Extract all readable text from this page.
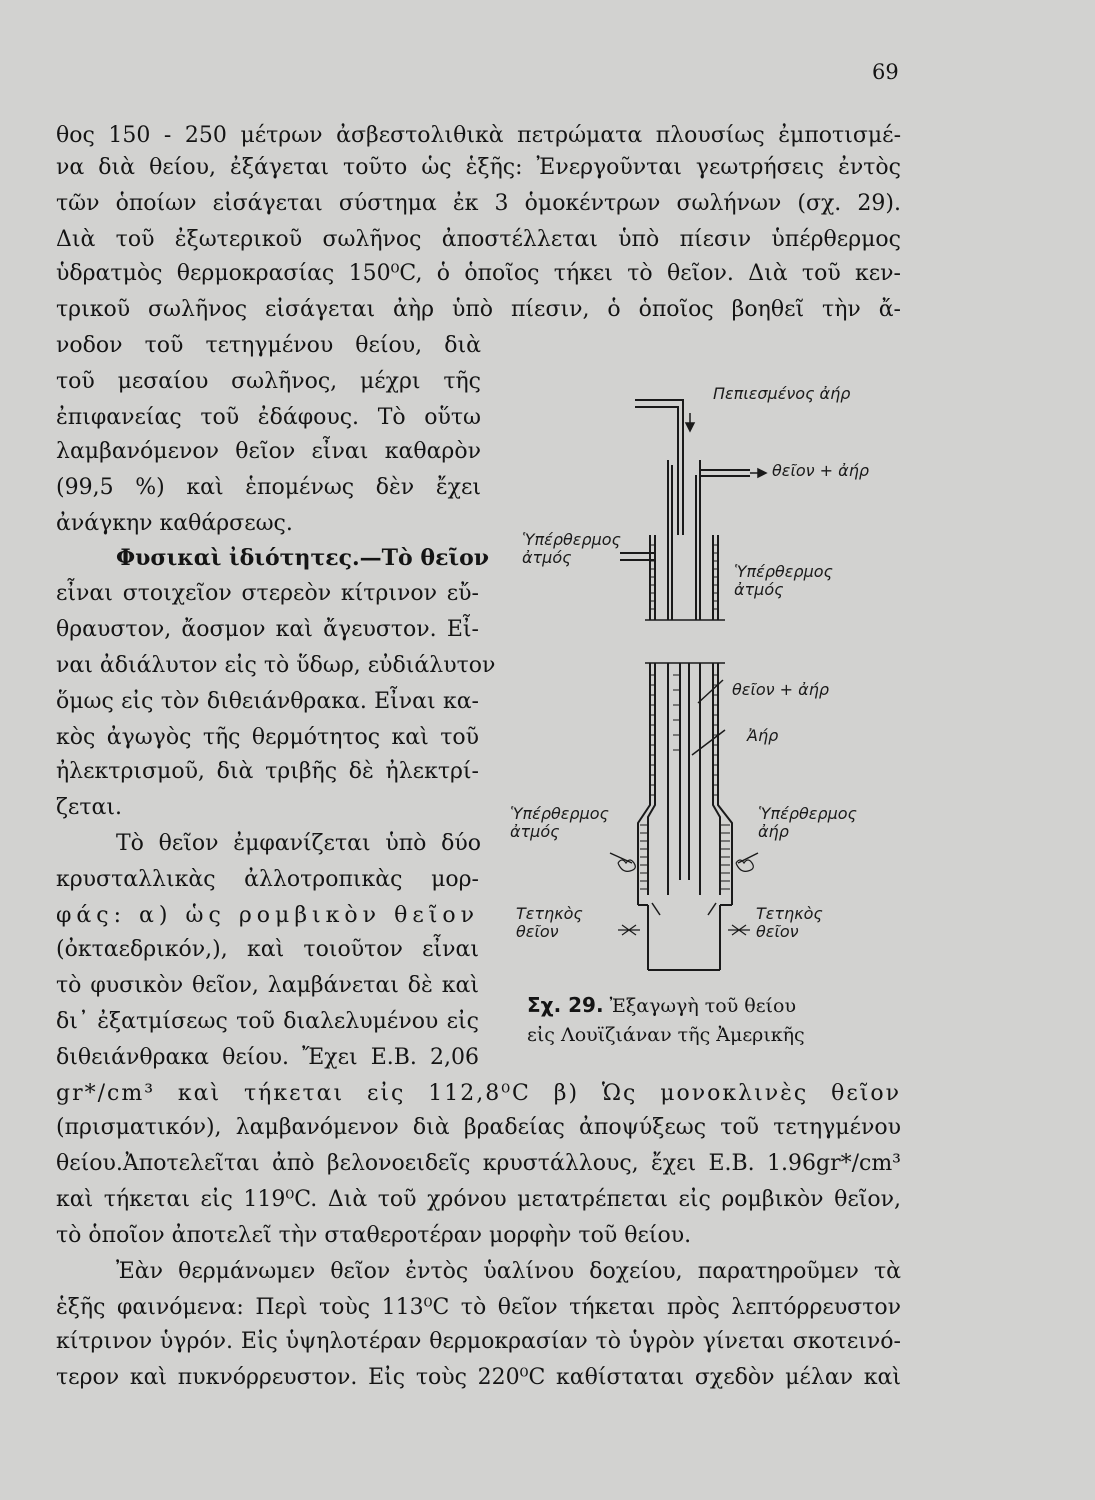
69
θος 150 - 250 μέτρων ἀσβεστολιθικὰ πετρώματα πλουσίως ἐμποτισμέ-
να διὰ θείου, ἐξάγεται τοῦτο ὡς ἑξῆς: Ἐνεργοῦνται γεωτρήσεις ἐντὸς
τῶν ὁποίων εἰσάγεται σύστημα ἐκ 3 ὁμοκέντρων σωλήνων (σχ. 29).
Διὰ τοῦ ἐξωτερικοῦ σωλῆνος ἀποστέλλεται ὑπὸ πίεσιν ὑπέρθερμος
ὑδρατμὸς θερμοκρασίας 150⁰C, ὁ ὁποῖος τήκει τὸ θεῖον. Διὰ τοῦ κεν-
τρικοῦ σωλῆνος εἰσάγεται ἀὴρ ὑπὸ πίεσιν, ὁ ὁποῖος βοηθεῖ τὴν ἄ-
νοδον τοῦ τετηγμένου θείου, διὰ
τοῦ μεσαίου σωλῆνος, μέχρι τῆς
ἐπιφανείας τοῦ ἐδάφους. Τὸ οὕτω
λαμβανόμενον θεῖον εἶναι καθαρὸν
(99,5 %) καὶ ἑπομένως δὲν ἔχει
ἀνάγκην καθάρσεως.
Φυσικαὶ ἰδιότητες.—Τὸ θεῖον
εἶναι στοιχεῖον στερεὸν κίτρινον εὔ-
θραυστον, ἄοσμον καὶ ἄγευστον. Εἶ-
ναι ἀδιάλυτον εἰς τὸ ὕδωρ, εὐδιάλυτον
ὅμως εἰς τὸν διθειάνθρακα. Εἶναι κα-
κὸς ἀγωγὸς τῆς θερμότητος καὶ τοῦ
ἠλεκτρισμοῦ, διὰ τριβῆς δὲ ἠλεκτρί-
ζεται.
Τὸ θεῖον ἐμφανίζεται ὑπὸ δύο
κρυσταλλικὰς ἀλλοτροπικὰς μορ-
φάς: α) ὡς ρομβικὸν θεῖον
(ὀκταεδρικόν,), καὶ τοιοῦτον εἶναι
τὸ φυσικὸν θεῖον, λαμβάνεται δὲ καὶ
δι᾽ ἐξατμίσεως τοῦ διαλελυμένου εἰς
διθειάνθρακα θείου. Ἔχει Ε.Β. 2,06
gr*/cm³ καὶ τήκεται εἰς 112,8⁰C β) Ὡς μονοκλινὲς θεῖον
(πρισματικόν), λαμβανόμενον διὰ βραδείας ἀποψύξεως τοῦ τετηγμένου
θείου.Ἀποτελεῖται ἀπὸ βελονοειδεῖς κρυστάλλους, ἔχει Ε.Β. 1.96gr*/cm³
καὶ τήκεται εἰς 119⁰C. Διὰ τοῦ χρόνου μετατρέπεται εἰς ρομβικὸν θεῖον,
τὸ ὁποῖον ἀποτελεῖ τὴν σταθεροτέραν μορφὴν τοῦ θείου.
Ἐὰν θερμάνωμεν θεῖον ἐντὸς ὑαλίνου δοχείου, παρατηροῦμεν τὰ
ἑξῆς φαινόμενα: Περὶ τοὺς 113⁰C τὸ θεῖον τήκεται πρὸς λεπτόρρευστον
κίτρινον ὑγρόν. Εἰς ὑψηλοτέραν θερμοκρασίαν τὸ ὑγρὸν γίνεται σκοτεινό-
τερον καὶ πυκνόρρευστον. Εἰς τοὺς 220⁰C καθίσταται σχεδὸν μέλαν καὶ
Πεπιεσμένος ἀήρ
θεῖον + ἀήρ
Ὑπέρθερμος ἀτμός
Ὑπέρθερμος ἀτμός
θεῖον + ἀήρ
Ἀήρ
Ὑπέρθερμος ἀτμός
Ὑπέρθερμος ἀήρ
Τετηκὸς θεῖον
Τετηκὸς θεῖον
Σχ. 29. Ἐξαγωγὴ τοῦ θείου
εἰς Λουϊζιάναν τῆς Ἀμερικῆς
